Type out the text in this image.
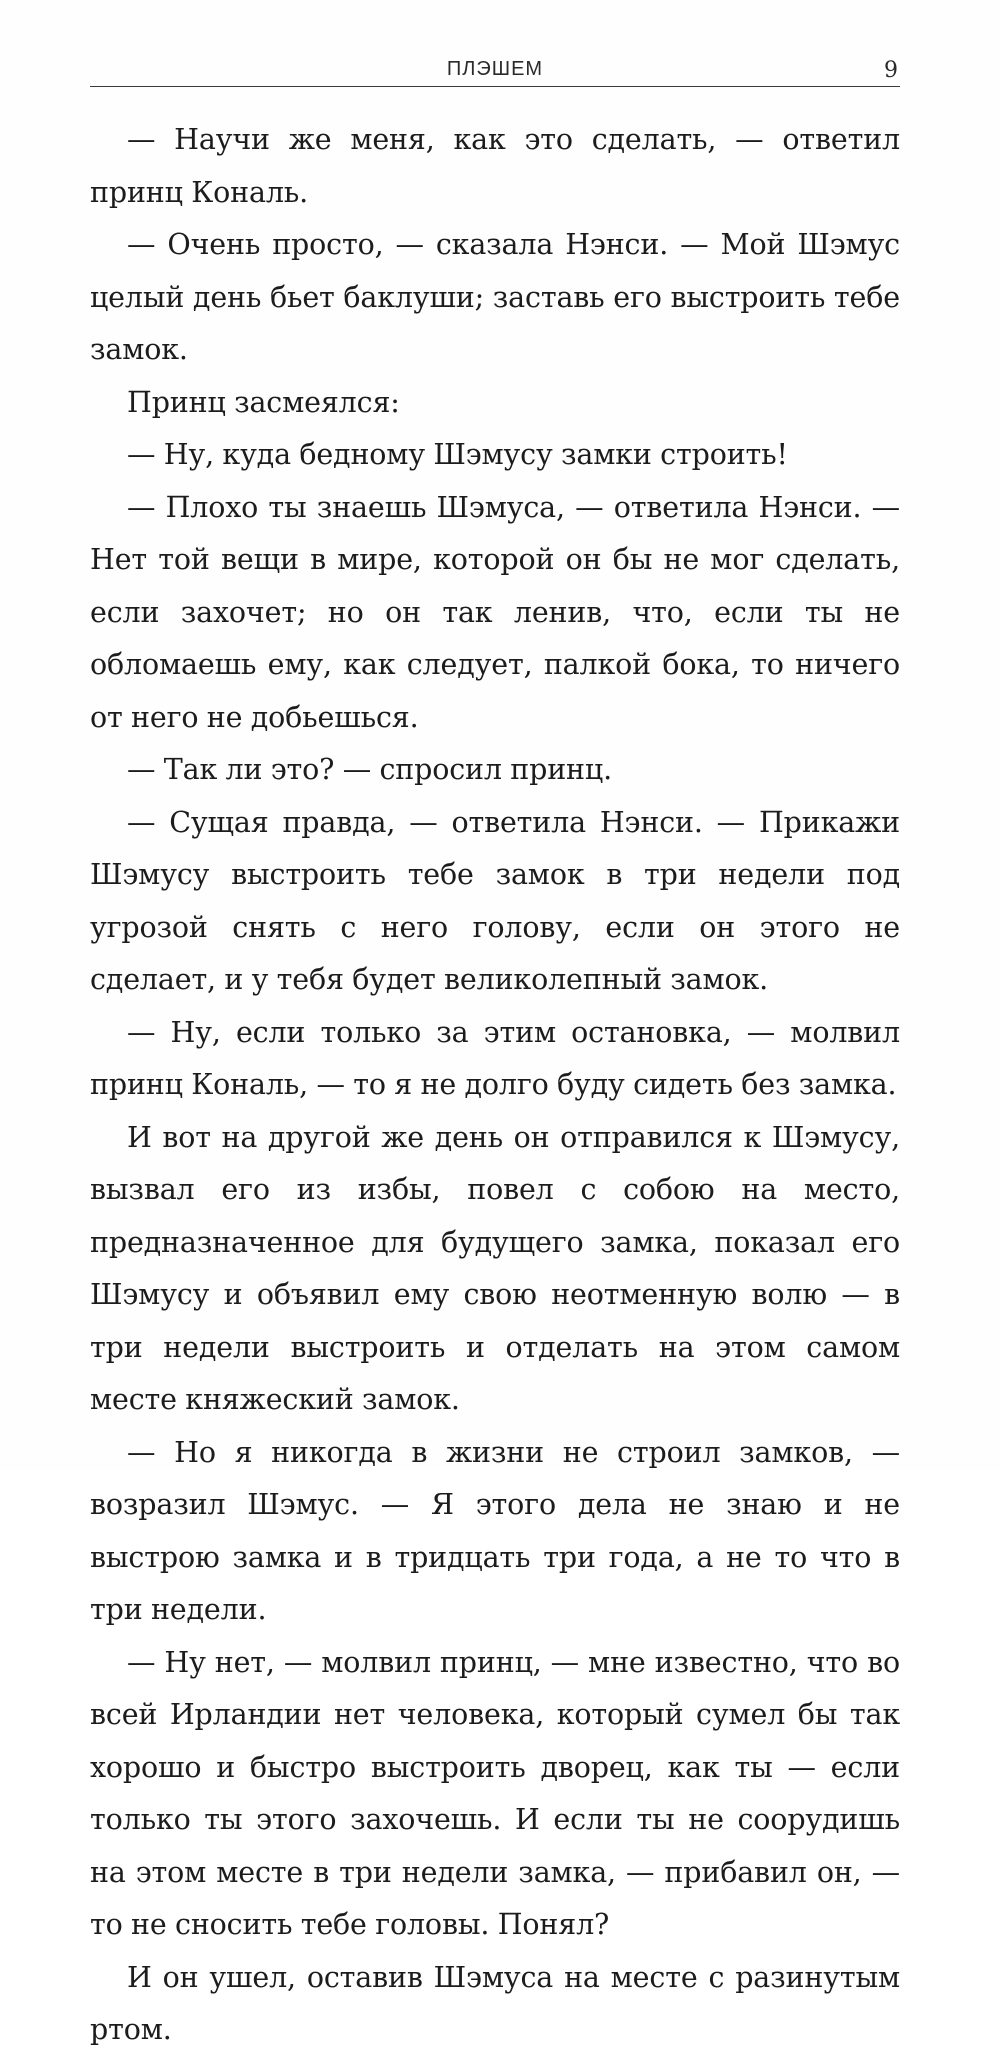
ПЛЭШЕМ	9

— Научи же меня, как это сделать, — ответил принц Кональ.

— Очень просто, — сказала Нэнси. — Мой Шэмус целый день бьет баклуши; заставь его выстроить тебе замок.

Принц засмеялся:

— Ну, куда бедному Шэмусу замки строить!

— Плохо ты знаешь Шэмуса, — ответила Нэнси. — Нет той вещи в мире, которой он бы не мог сделать, если захочет; но он так ленив, что, если ты не обломаешь ему, как следует, палкой бока, то ничего от него не добьешься.

— Так ли это? — спросил принц.

— Сущая правда, — ответила Нэнси. — Прикажи Шэмусу выстроить тебе замок в три недели под угрозой снять с него голову, если он этого не сделает, и у тебя будет великолепный замок.

— Ну, если только за этим остановка, — молвил принц Кональ, — то я не долго буду сидеть без замка.

И вот на другой же день он отправился к Шэмусу, вызвал его из избы, повел с собою на место, предназначенное для будущего замка, показал его Шэмусу и объявил ему свою неотменную волю — в три недели выстроить и отделать на этом самом месте княжеский замок.

— Но я никогда в жизни не строил замков, — возразил Шэмус. — Я этого дела не знаю и не выстрою замка и в тридцать три года, а не то что в три недели.

— Ну нет, — молвил принц, — мне известно, что во всей Ирландии нет человека, который сумел бы так хорошо и быстро выстроить дворец, как ты — если только ты этого захочешь. И если ты не соорудишь на этом месте в три недели замка, — прибавил он, — то не сносить тебе головы. Понял?

И он ушел, оставив Шэмуса на месте с разинутым ртом.
